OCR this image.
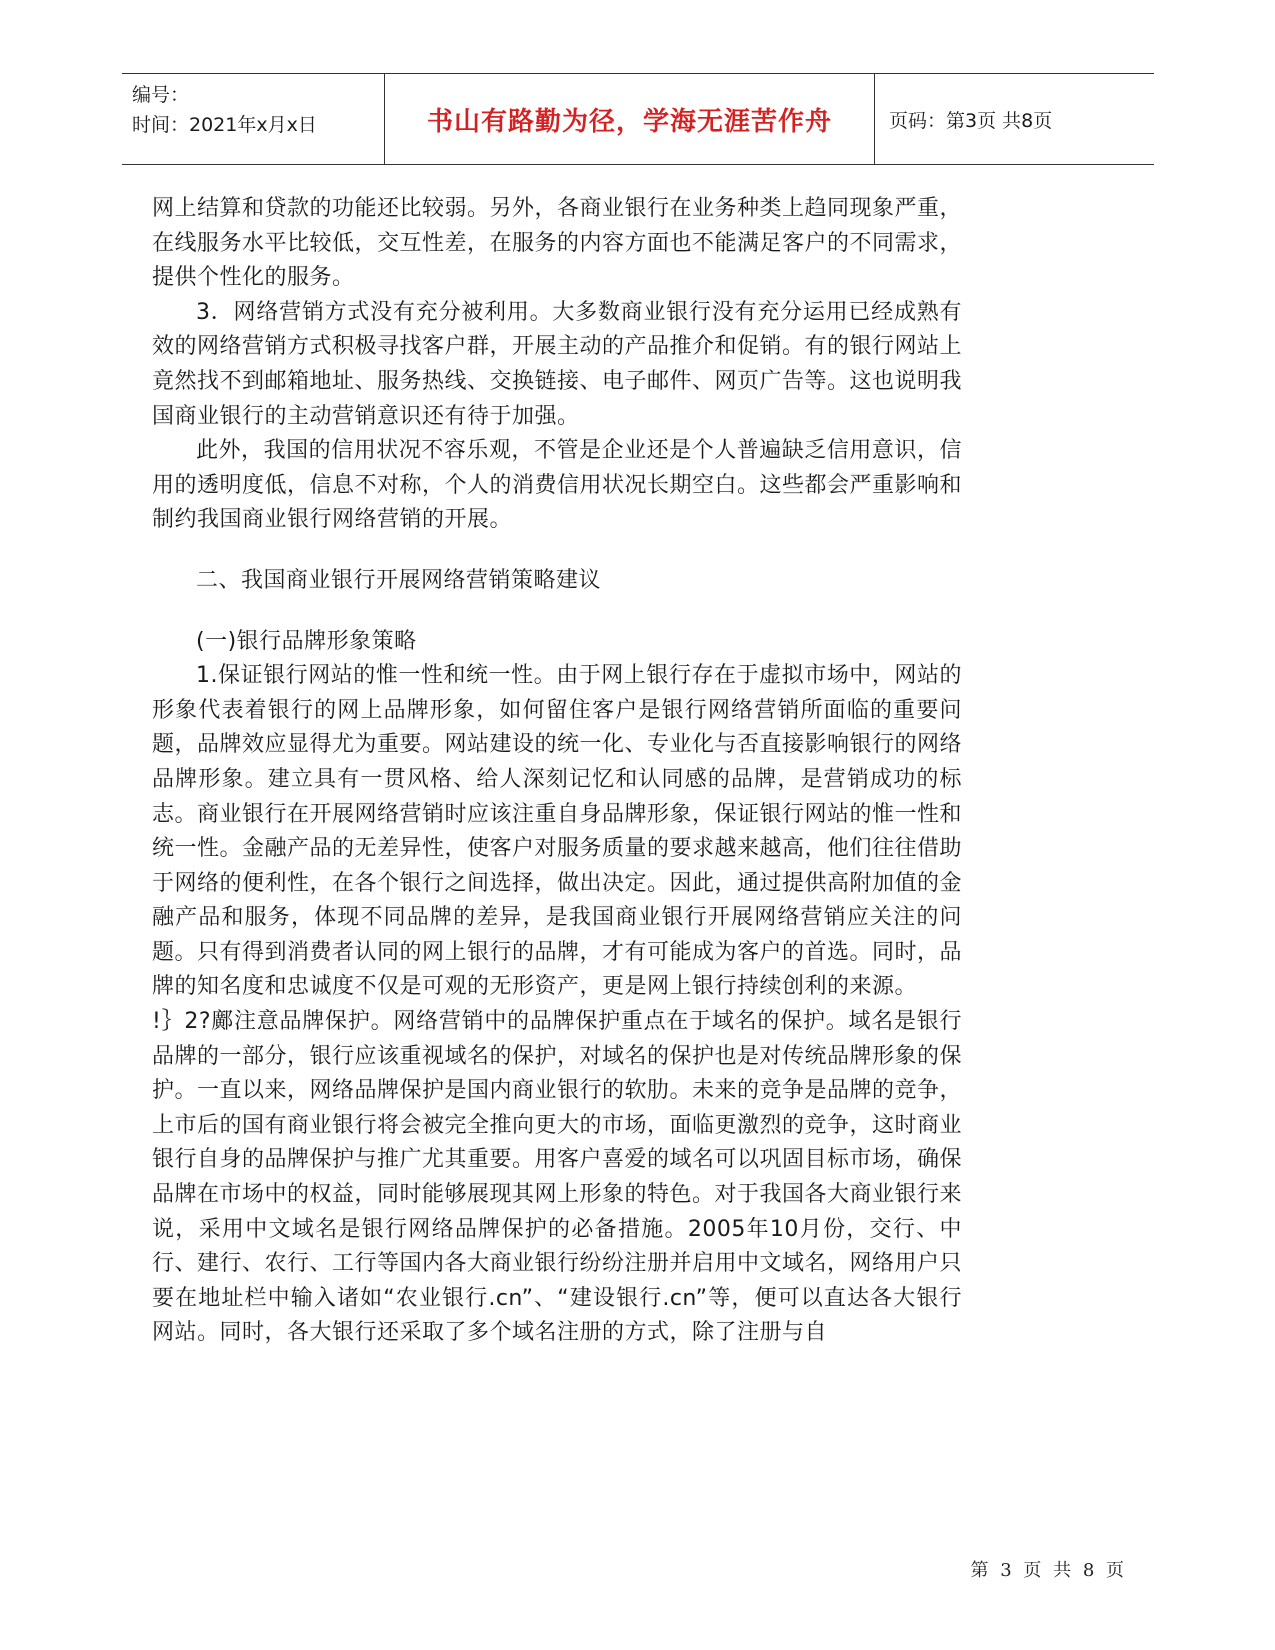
编号：
时间：2021年x月x日	书山有路勤为径，学海无涯苦作舟	页码：第3页 共8页

网上结算和贷款的功能还比较弱。另外，各商业银行在业务种类上趋同现象严重，在线服务水平比较低，交互性差，在服务的内容方面也不能满足客户的不同需求，提供个性化的服务。

3．网络营销方式没有充分被利用。大多数商业银行没有充分运用已经成熟有效的网络营销方式积极寻找客户群，开展主动的产品推介和促销。有的银行网站上竟然找不到邮箱地址、服务热线、交换链接、电子邮件、网页广告等。这也说明我国商业银行的主动营销意识还有待于加强。

此外，我国的信用状况不容乐观，不管是企业还是个人普遍缺乏信用意识，信用的透明度低，信息不对称，个人的消费信用状况长期空白。这些都会严重影响和制约我国商业银行网络营销的开展。

二、我国商业银行开展网络营销策略建议

(一)银行品牌形象策略

1.保证银行网站的惟一性和统一性。由于网上银行存在于虚拟市场中，网站的形象代表着银行的网上品牌形象，如何留住客户是银行网络营销所面临的重要问题，品牌效应显得尤为重要。网站建设的统一化、专业化与否直接影响银行的网络品牌形象。建立具有一贯风格、给人深刻记忆和认同感的品牌，是营销成功的标志。商业银行在开展网络营销时应该注重自身品牌形象，保证银行网站的惟一性和统一性。金融产品的无差异性，使客户对服务质量的要求越来越高，他们往往借助于网络的便利性，在各个银行之间选择，做出决定。因此，通过提供高附加值的金融产品和服务，体现不同品牌的差异，是我国商业银行开展网络营销应关注的问题。只有得到消费者认同的网上银行的品牌，才有可能成为客户的首选。同时，品牌的知名度和忠诚度不仅是可观的无形资产，更是网上银行持续创利的来源。

!｝2?鄺注意品牌保护。网络营销中的品牌保护重点在于域名的保护。域名是银行品牌的一部分，银行应该重视域名的保护，对域名的保护也是对传统品牌形象的保护。一直以来，网络品牌保护是国内商业银行的软肋。未来的竞争是品牌的竞争，上市后的国有商业银行将会被完全推向更大的市场，面临更激烈的竞争，这时商业银行自身的品牌保护与推广尤其重要。用客户喜爱的域名可以巩固目标市场，确保品牌在市场中的权益，同时能够展现其网上形象的特色。对于我国各大商业银行来说，采用中文域名是银行网络品牌保护的必备措施。2005年10月份，交行、中行、建行、农行、工行等国内各大商业银行纷纷注册并启用中文域名，网络用户只要在地址栏中输入诸如“农业银行.cn”、“建设银行.cn”等，便可以直达各大银行网站。同时，各大银行还采取了多个域名注册的方式，除了注册与自

第 3 页 共 8 页
